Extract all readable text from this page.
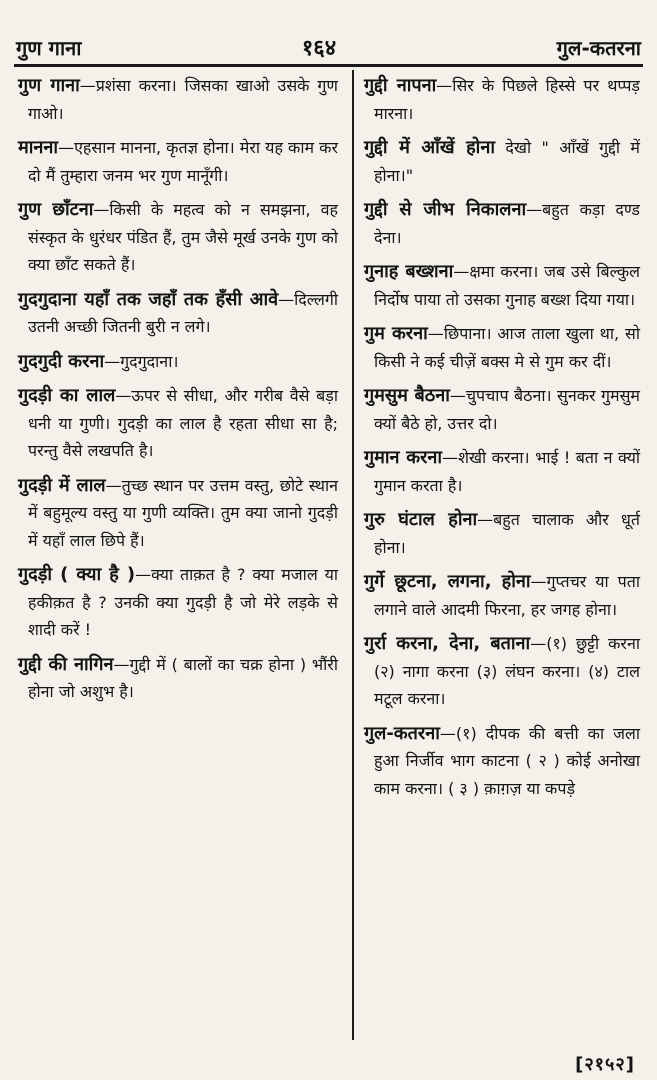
गुण गाना	१६४	गुल-कतरना

गुण गाना—प्रशंसा करना। जिसका खाओ उसके गुण गाओ।

मानना—एहसान मानना, कृतज्ञ होना। मेरा यह काम कर दो मैं तुम्हारा जनम भर गुण मानूँगी।

गुण छाँटना—किसी के महत्व को न समझना, वह संस्कृत के धुरंधर पंडित हैं, तुम जैसे मूर्ख उनके गुण को क्या छाँट सकते हैं।

गुदगुदाना यहाँ तक जहाँ तक हँसी आवे—दिल्लगी उतनी अच्छी जितनी बुरी न लगे।

गुदगुदी करना—गुदगुदाना।

गुदड़ी का लाल—ऊपर से सीधा, और गरीब वैसे बड़ा धनी या गुणी। गुदड़ी का लाल है रहता सीधा सा है; परन्तु वैसे लखपति है।

गुदड़ी में लाल—तुच्छ स्थान पर उत्तम वस्तु, छोटे स्थान में बहुमूल्य वस्तु या गुणी व्यक्ति। तुम क्या जानो गुदड़ी में यहाँ लाल छिपे हैं।

गुदड़ी ( क्या है )—क्या ताक़त है ? क्या मजाल या हकीक़त है ? उनकी क्या गुदड़ी है जो मेरे लड़के से शादी करें !

गुद्दी की नागिन—गुद्दी में ( बालों का चक्र होना ) भौंरी होना जो अशुभ है।

गुद्दी नापना—सिर के पिछले हिस्से पर थप्पड़ मारना।

गुद्दी में आँखें होना देखो " आँखें गुद्दी में होना।"

गुद्दी से जीभ निकालना—बहुत कड़ा दण्ड देना।

गुनाह बख्शना—क्षमा करना। जब उसे बिल्कुल निर्दोष पाया तो उसका गुनाह बख्श दिया गया।

गुम करना—छिपाना। आज ताला खुला था, सो किसी ने कई चीज़ें बक्स मे से गुम कर दीं।

गुमसुम बैठना—चुपचाप बैठना। सुनकर गुमसुम क्यों बैठे हो, उत्तर दो।

गुमान करना—शेखी करना। भाई ! बता न क्यों गुमान करता है।

गुरु घंटाल होना—बहुत चालाक और धूर्त होना।

गुर्गे छूटना, लगना, होना—गुप्तचर या पता लगाने वाले आदमी फिरना, हर जगह होना।

गुर्रा करना, देना, बताना—(१) छुट्टी करना (२) नागा करना (३) लंघन करना। (४) टाल मटूल करना।

गुल-कतरना—(१) दीपक की बत्ती का जला हुआ निर्जीव भाग काटना ( २ ) कोई अनोखा काम करना। ( ३ ) क़ाग़ज़ या कपड़े

[२१५२]
